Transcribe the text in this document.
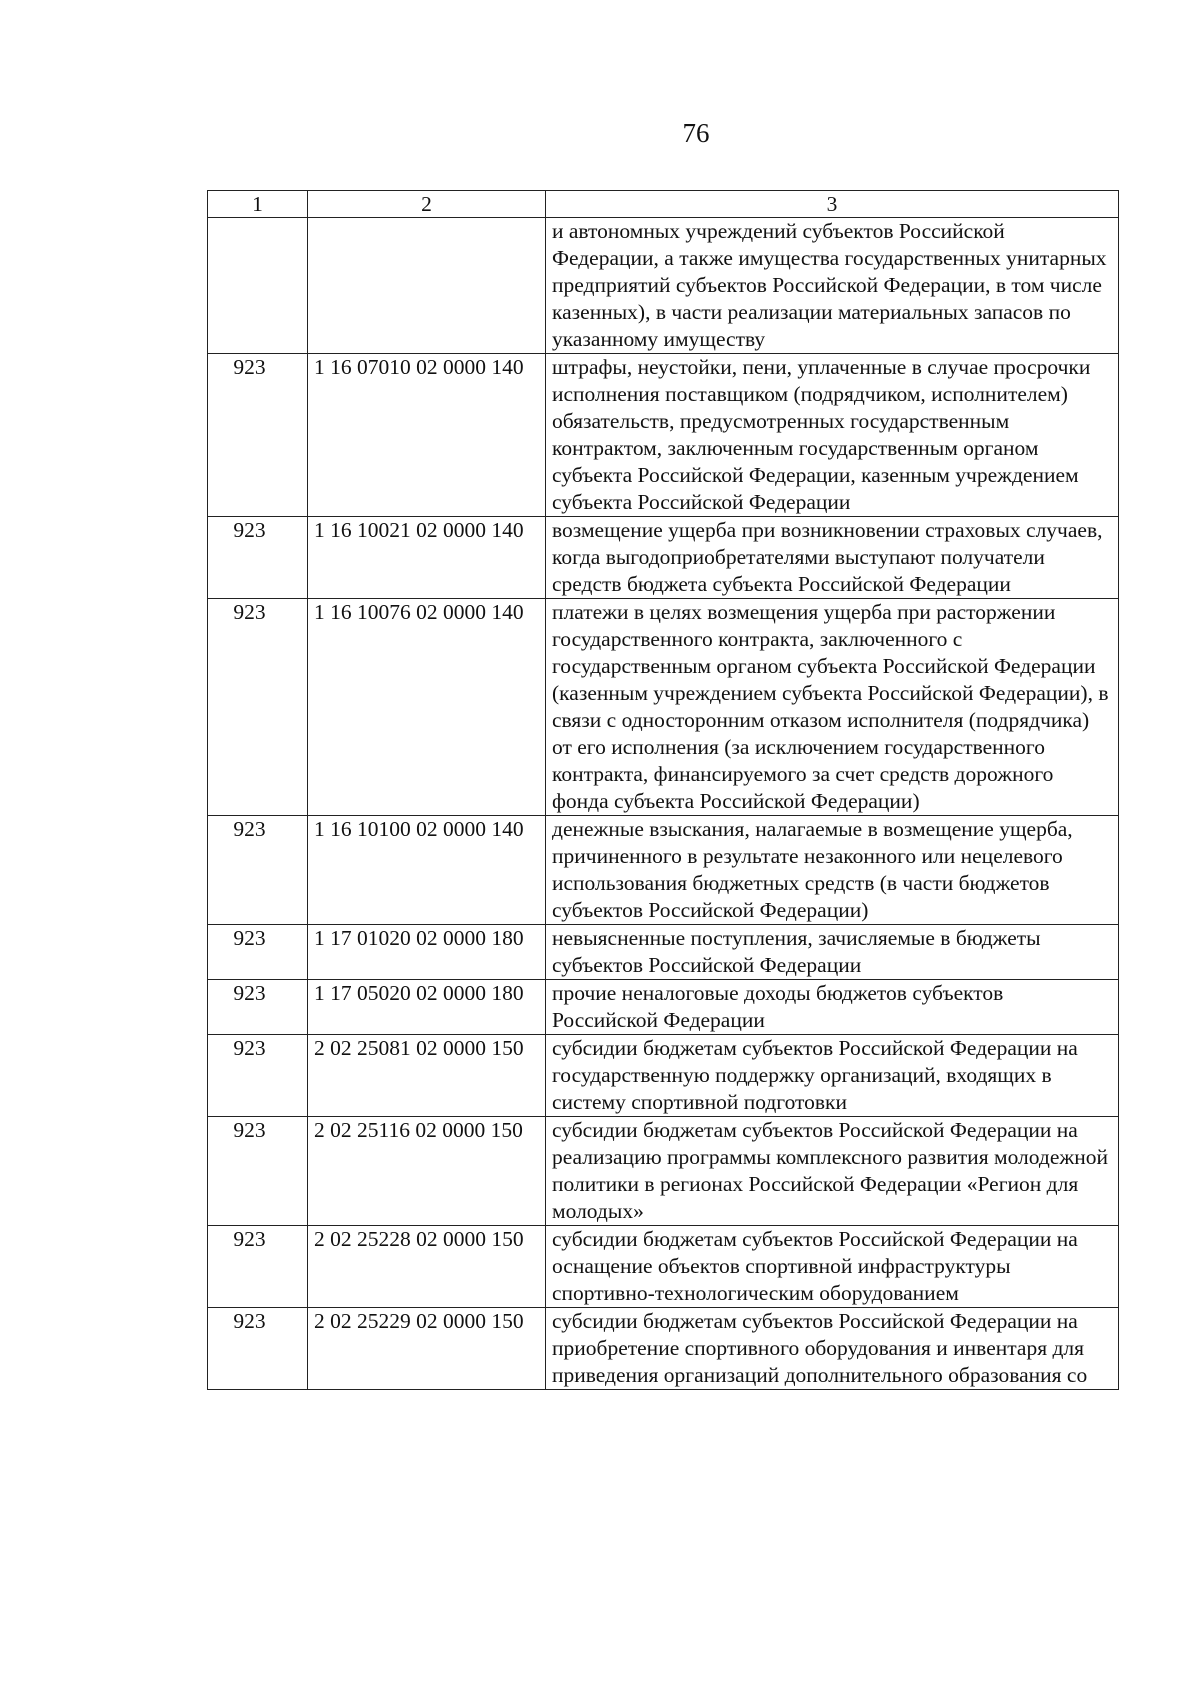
76
1	2	3
		и автономных учреждений субъектов Российской Федерации, а также имущества государственных унитарных предприятий субъектов Российской Федерации, в том числе казенных), в части реализации материальных запасов по указанному имуществу
923	1 16 07010 02 0000 140	штрафы, неустойки, пени, уплаченные в случае просрочки исполнения поставщиком (подрядчиком, исполнителем) обязательств, предусмотренных государственным контрактом, заключенным государственным органом субъекта Российской Федерации, казенным учреждением субъекта Российской Федерации
923	1 16 10021 02 0000 140	возмещение ущерба при возникновении страховых случаев, когда выгодоприобретателями выступают получатели средств бюджета субъекта Российской Федерации
923	1 16 10076 02 0000 140	платежи в целях возмещения ущерба при расторжении государственного контракта, заключенного с государственным органом субъекта Российской Федерации (казенным учреждением субъекта Российской Федерации), в связи с односторонним отказом исполнителя (подрядчика) от его исполнения (за исключением государственного контракта, финансируемого за счет средств дорожного фонда субъекта Российской Федерации)
923	1 16 10100 02 0000 140	денежные взыскания, налагаемые в возмещение ущерба, причиненного в результате незаконного или нецелевого использования бюджетных средств (в части бюджетов субъектов Российской Федерации)
923	1 17 01020 02 0000 180	невыясненные поступления, зачисляемые в бюджеты субъектов Российской Федерации
923	1 17 05020 02 0000 180	прочие неналоговые доходы бюджетов субъектов Российской Федерации
923	2 02 25081 02 0000 150	субсидии бюджетам субъектов Российской Федерации на государственную поддержку организаций, входящих в систему спортивной подготовки
923	2 02 25116 02 0000 150	субсидии бюджетам субъектов Российской Федерации на реализацию программы комплексного развития молодежной политики в регионах Российской Федерации «Регион для молодых»
923	2 02 25228 02 0000 150	субсидии бюджетам субъектов Российской Федерации на оснащение объектов спортивной инфраструктуры спортивно-технологическим оборудованием
923	2 02 25229 02 0000 150	субсидии бюджетам субъектов Российской Федерации на приобретение спортивного оборудования и инвентаря для приведения организаций дополнительного образования со
